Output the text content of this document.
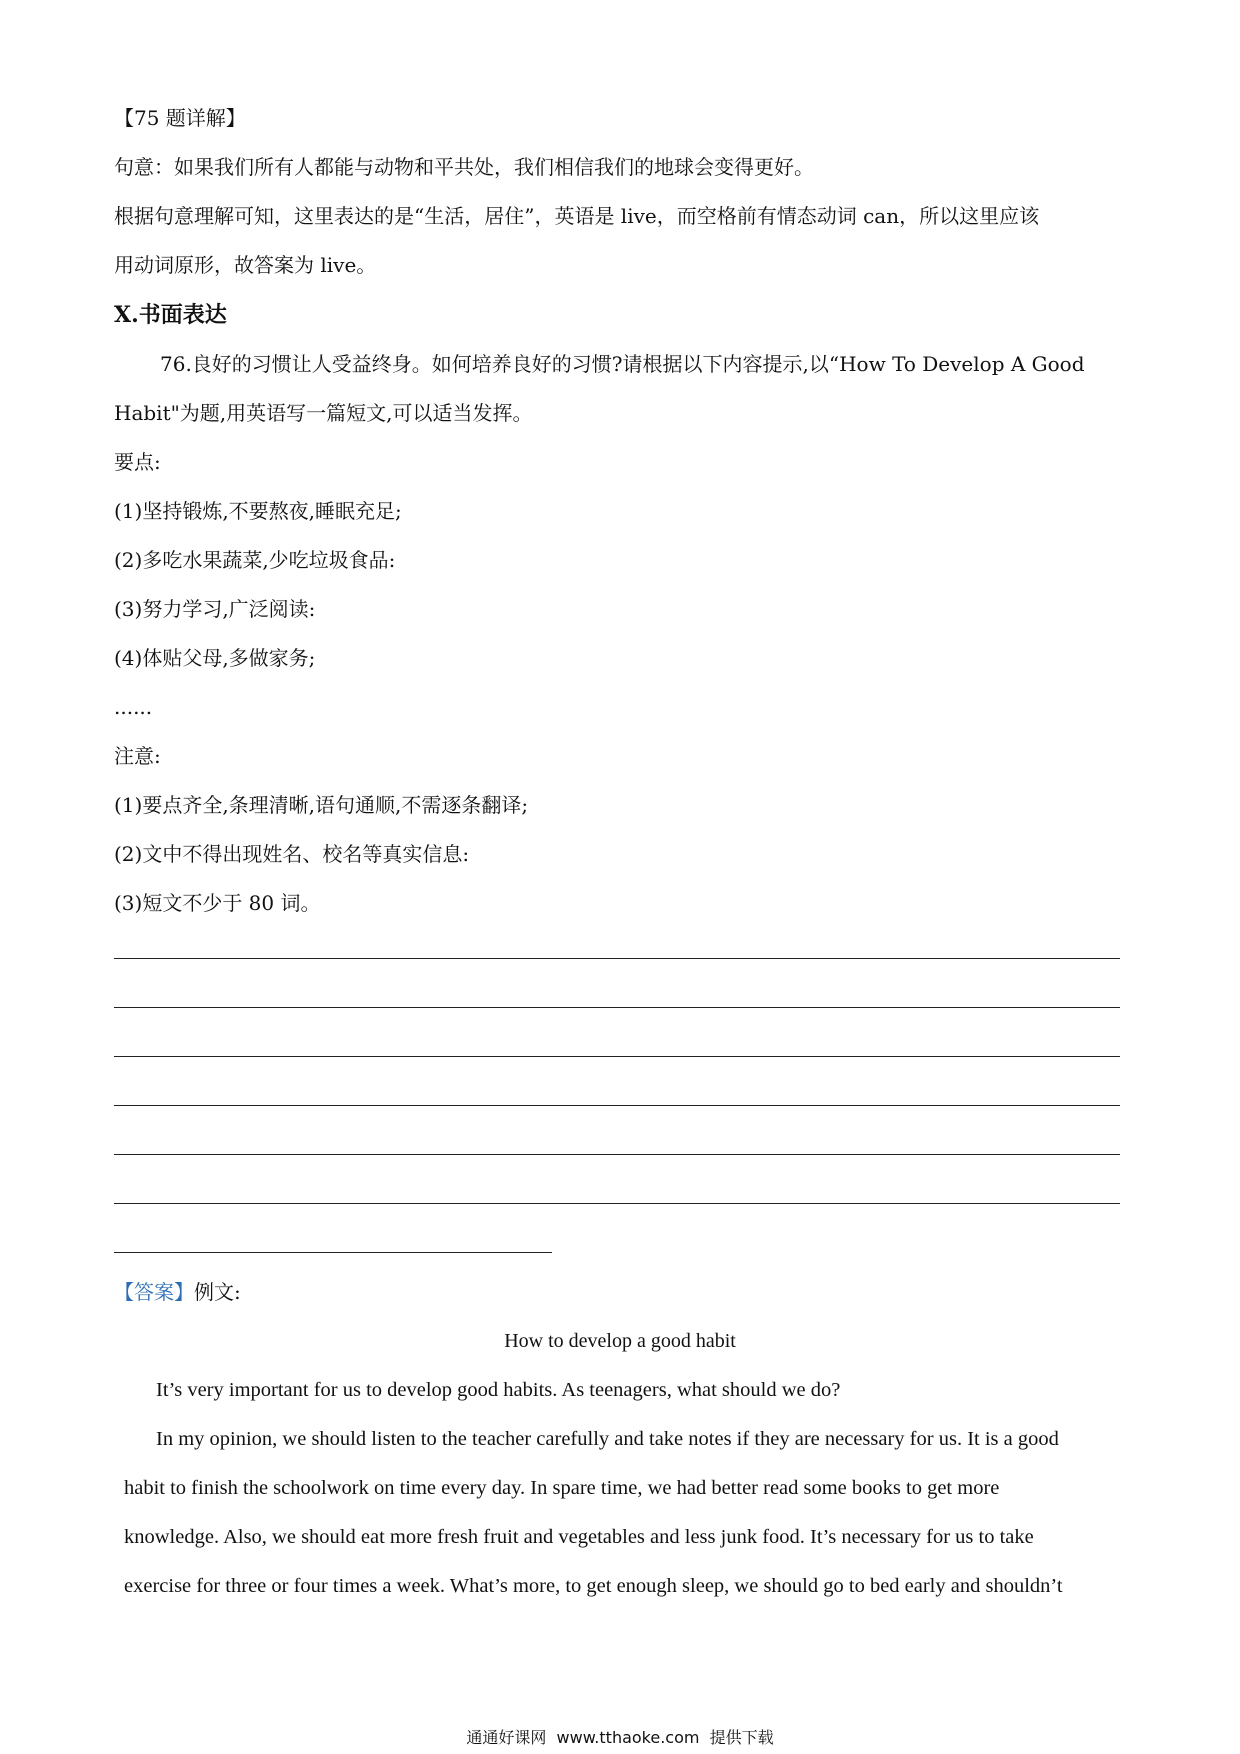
【75 题详解】
句意：如果我们所有人都能与动物和平共处，我们相信我们的地球会变得更好。
根据句意理解可知，这里表达的是“生活，居住”，英语是 live，而空格前有情态动词 can，所以这里应该
用动词原形，故答案为 live。
X.书面表达
76.良好的习惯让人受益终身。如何培养良好的习惯?请根据以下内容提示,以“How To Develop A Good
Habit"为题,用英语写一篇短文,可以适当发挥。
要点:
(1)坚持锻炼,不要熬夜,睡眠充足;
(2)多吃水果蔬菜,少吃垃圾食品:
(3)努力学习,广泛阅读:
(4)体贴父母,多做家务;
......
注意:
(1)要点齐全,条理清晰,语句通顺,不需逐条翻译;
(2)文中不得出现姓名、校名等真实信息:
(3)短文不少于 80 词。
【答案】例文:
How to develop a good habit
It’s very important for us to develop good habits. As teenagers, what should we do?
In my opinion, we should listen to the teacher carefully and take notes if they are necessary for us. It is a good
habit to finish the schoolwork on time every day. In spare time, we had better read some books to get more
knowledge. Also, we should eat more fresh fruit and vegetables and less junk food. It’s necessary for us to take
exercise for three or four times a week. What’s more, to get enough sleep, we should go to bed early and shouldn’t
通通好课网  www.tthaoke.com  提供下载
